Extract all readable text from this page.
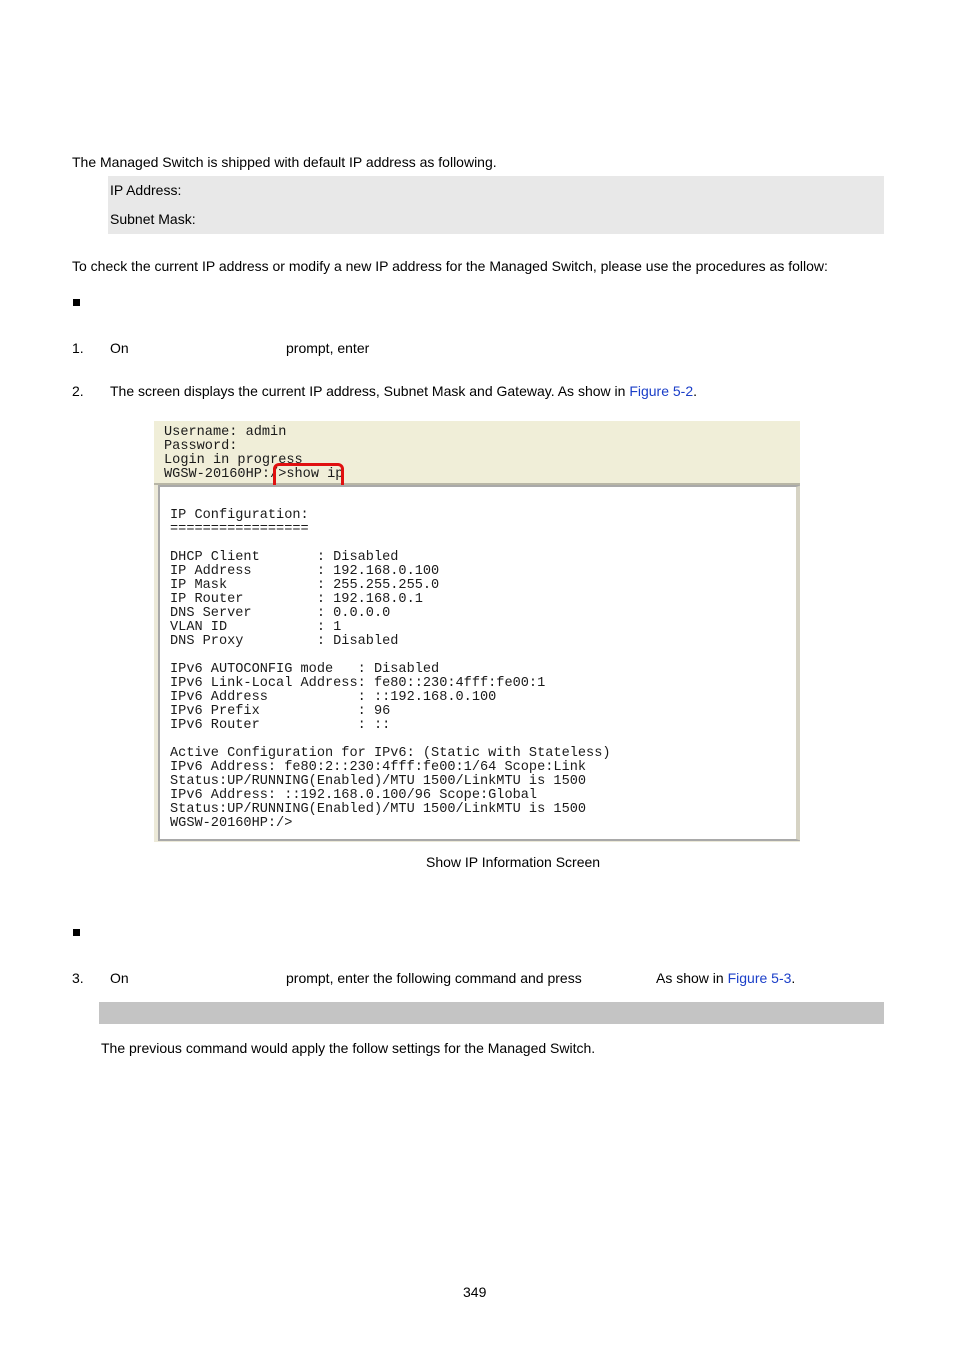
The Managed Switch is shipped with default IP address as following.
IP Address:
Subnet Mask:
To check the current IP address or modify a new IP address for the Managed Switch, please use the procedures as follow:
1. On	prompt, enter
2. The screen displays the current IP address, Subnet Mask and Gateway. As show in Figure 5-2.
Username: admin
Password:
Login in progress
WGSW-20160HP:/>show ip
IP Configuration:
=================
DHCP Client       : Disabled
IP Address        : 192.168.0.100
IP Mask           : 255.255.255.0
IP Router         : 192.168.0.1
DNS Server        : 0.0.0.0
VLAN ID           : 1
DNS Proxy         : Disabled
IPv6 AUTOCONFIG mode   : Disabled
IPv6 Link-Local Address: fe80::230:4fff:fe00:1
IPv6 Address           : ::192.168.0.100
IPv6 Prefix            : 96
IPv6 Router            : ::
Active Configuration for IPv6: (Static with Stateless)
IPv6 Address: fe80:2::230:4fff:fe00:1/64 Scope:Link
Status:UP/RUNNING(Enabled)/MTU 1500/LinkMTU is 1500
IPv6 Address: ::192.168.0.100/96 Scope:Global
Status:UP/RUNNING(Enabled)/MTU 1500/LinkMTU is 1500
WGSW-20160HP:/>
Show IP Information Screen
3. On	prompt, enter the following command and press	As show in Figure 5-3.
The previous command would apply the follow settings for the Managed Switch.
349
